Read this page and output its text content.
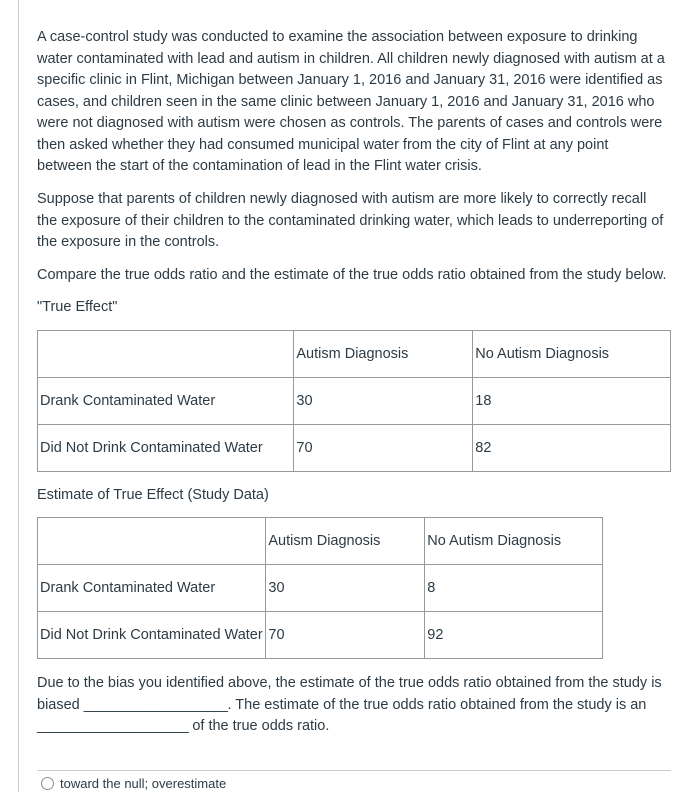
A case-control study was conducted to examine the association between exposure to drinking water contaminated with lead and autism in children. All children newly diagnosed with autism at a specific clinic in Flint, Michigan between January 1, 2016 and January 31, 2016 were identified as cases, and children seen in the same clinic between January 1, 2016 and January 31, 2016 who were not diagnosed with autism were chosen as controls. The parents of cases and controls were then asked whether they had consumed municipal water from the city of Flint at any point between the start of the contamination of lead in the Flint water crisis.

Suppose that parents of children newly diagnosed with autism are more likely to correctly recall the exposure of their children to the contaminated drinking water, which leads to underreporting of the exposure in the controls.

Compare the true odds ratio and the estimate of the true odds ratio obtained from the study below.

"True Effect"

	Autism Diagnosis	No Autism Diagnosis
Drank Contaminated Water	30	18
Did Not Drink Contaminated Water	70	82

Estimate of True Effect (Study Data)

	Autism Diagnosis	No Autism Diagnosis
Drank Contaminated Water	30	8
Did Not Drink Contaminated Water	70	92

Due to the bias you identified above, the estimate of the true odds ratio obtained from the study is biased ___________________. The estimate of the true odds ratio obtained from the study is an ____________________ of the true odds ratio.

toward the null; overestimate
